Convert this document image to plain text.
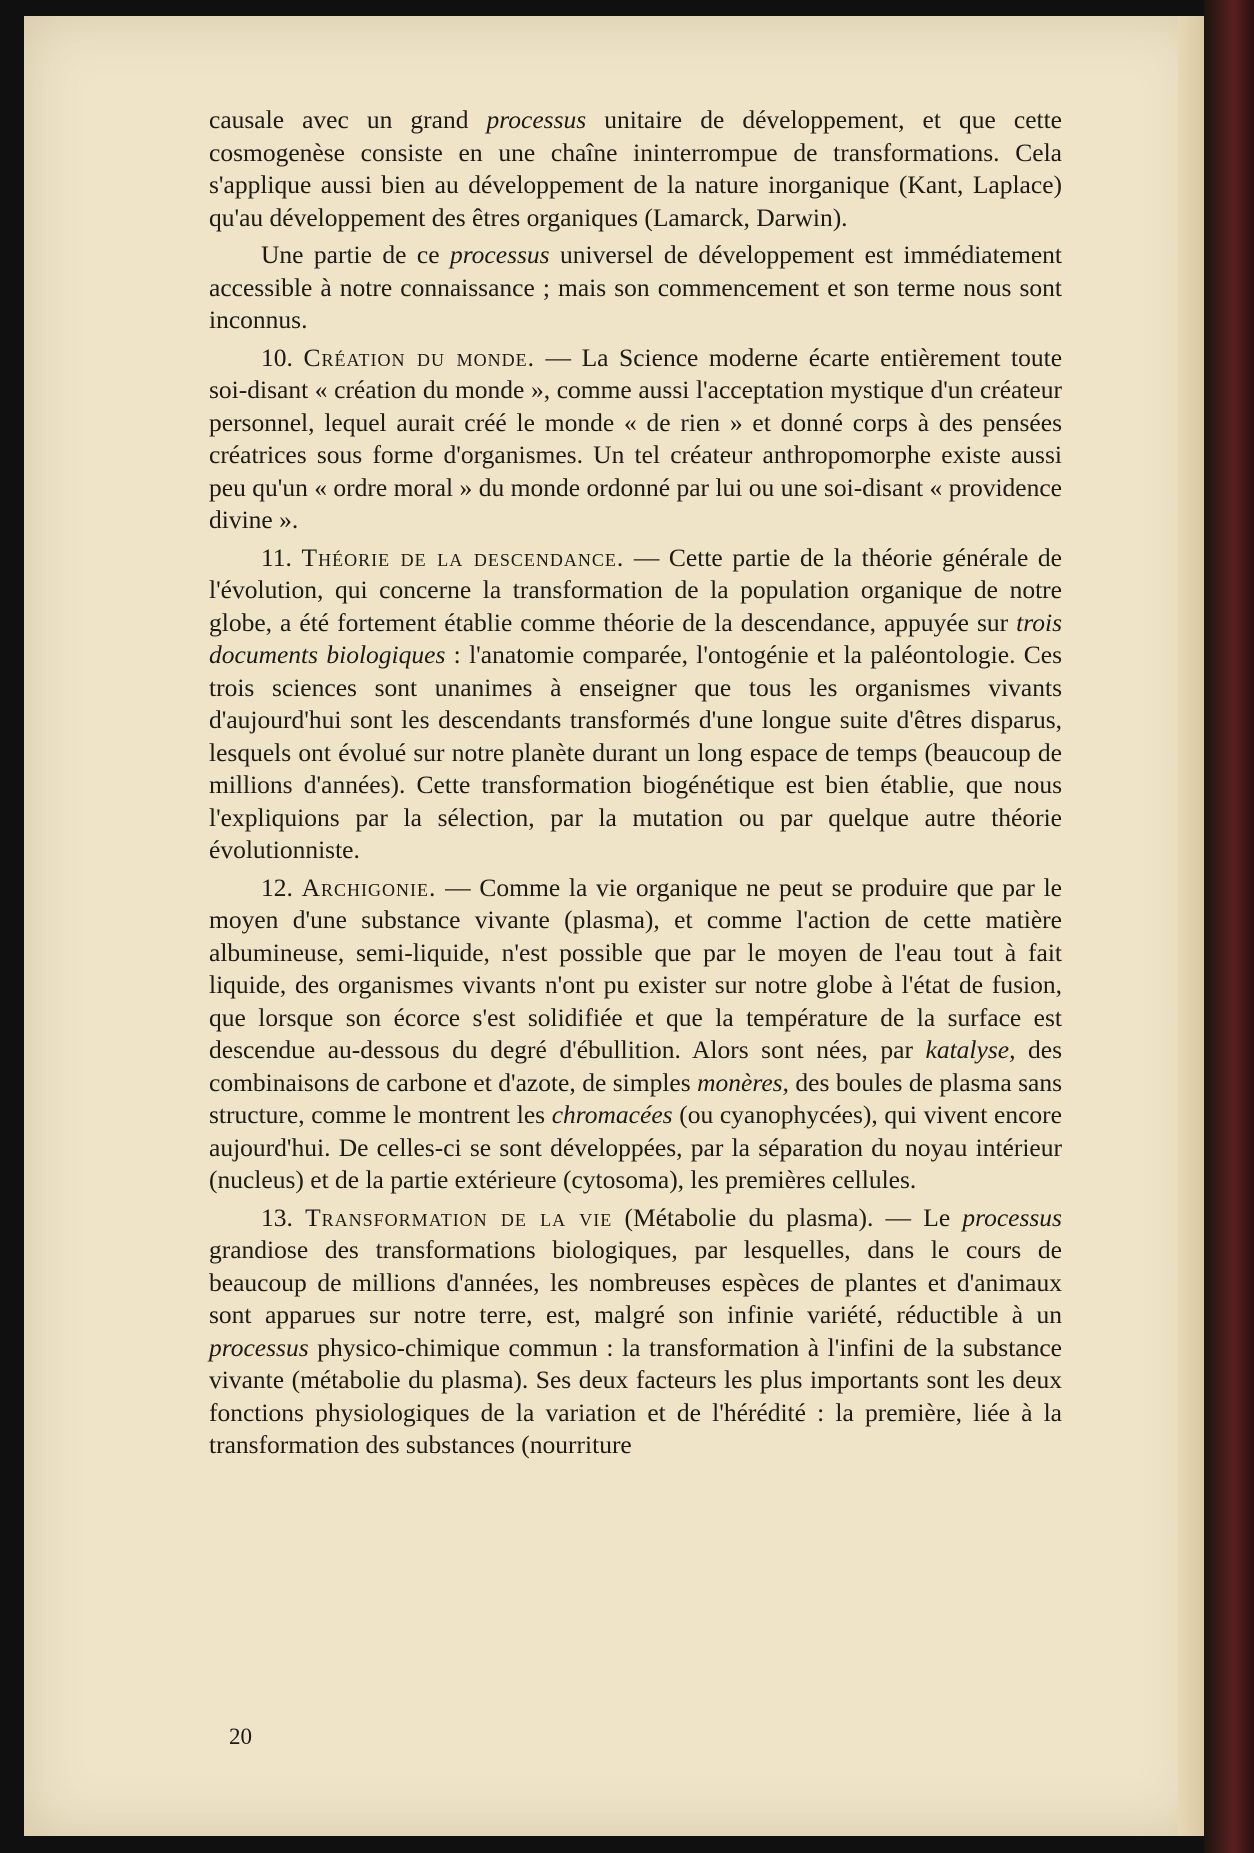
causale avec un grand processus unitaire de développement, et que cette cosmogenèse consiste en une chaîne ininterrompue de transformations. Cela s'applique aussi bien au développement de la nature inorganique (Kant, Laplace) qu'au développement des êtres organiques (Lamarck, Darwin).

Une partie de ce processus universel de développement est immédiatement accessible à notre connaissance ; mais son commencement et son terme nous sont inconnus.

10. Création du monde. — La Science moderne écarte entièrement toute soi-disant « création du monde », comme aussi l'acceptation mystique d'un créateur personnel, lequel aurait créé le monde « de rien » et donné corps à des pensées créatrices sous forme d'organismes. Un tel créateur anthropomorphe existe aussi peu qu'un « ordre moral » du monde ordonné par lui ou une soi-disant « providence divine ».

11. Théorie de la descendance. — Cette partie de la théorie générale de l'évolution, qui concerne la transformation de la population organique de notre globe, a été fortement établie comme théorie de la descendance, appuyée sur trois documents biologiques : l'anatomie comparée, l'ontogénie et la paléontologie. Ces trois sciences sont unanimes à enseigner que tous les organismes vivants d'aujourd'hui sont les descendants transformés d'une longue suite d'êtres disparus, lesquels ont évolué sur notre planète durant un long espace de temps (beaucoup de millions d'années). Cette transformation biogénétique est bien établie, que nous l'expliquions par la sélection, par la mutation ou par quelque autre théorie évolutionniste.

12. Archigonie. — Comme la vie organique ne peut se produire que par le moyen d'une substance vivante (plasma), et comme l'action de cette matière albumineuse, semi-liquide, n'est possible que par le moyen de l'eau tout à fait liquide, des organismes vivants n'ont pu exister sur notre globe à l'état de fusion, que lorsque son écorce s'est solidifiée et que la température de la surface est descendue au-dessous du degré d'ébullition. Alors sont nées, par katalyse, des combinaisons de carbone et d'azote, de simples monères, des boules de plasma sans structure, comme le montrent les chromacées (ou cyanophycées), qui vivent encore aujourd'hui. De celles-ci se sont développées, par la séparation du noyau intérieur (nucleus) et de la partie extérieure (cytosoma), les premières cellules.

13. Transformation de la vie (Métabolie du plasma). — Le processus grandiose des transformations biologiques, par lesquelles, dans le cours de beaucoup de millions d'années, les nombreuses espèces de plantes et d'animaux sont apparues sur notre terre, est, malgré son infinie variété, réductible à un processus physico-chimique commun : la transformation à l'infini de la substance vivante (métabolie du plasma). Ses deux facteurs les plus importants sont les deux fonctions physiologiques de la variation et de l'hérédité : la première, liée à la transformation des substances (nourriture

20
